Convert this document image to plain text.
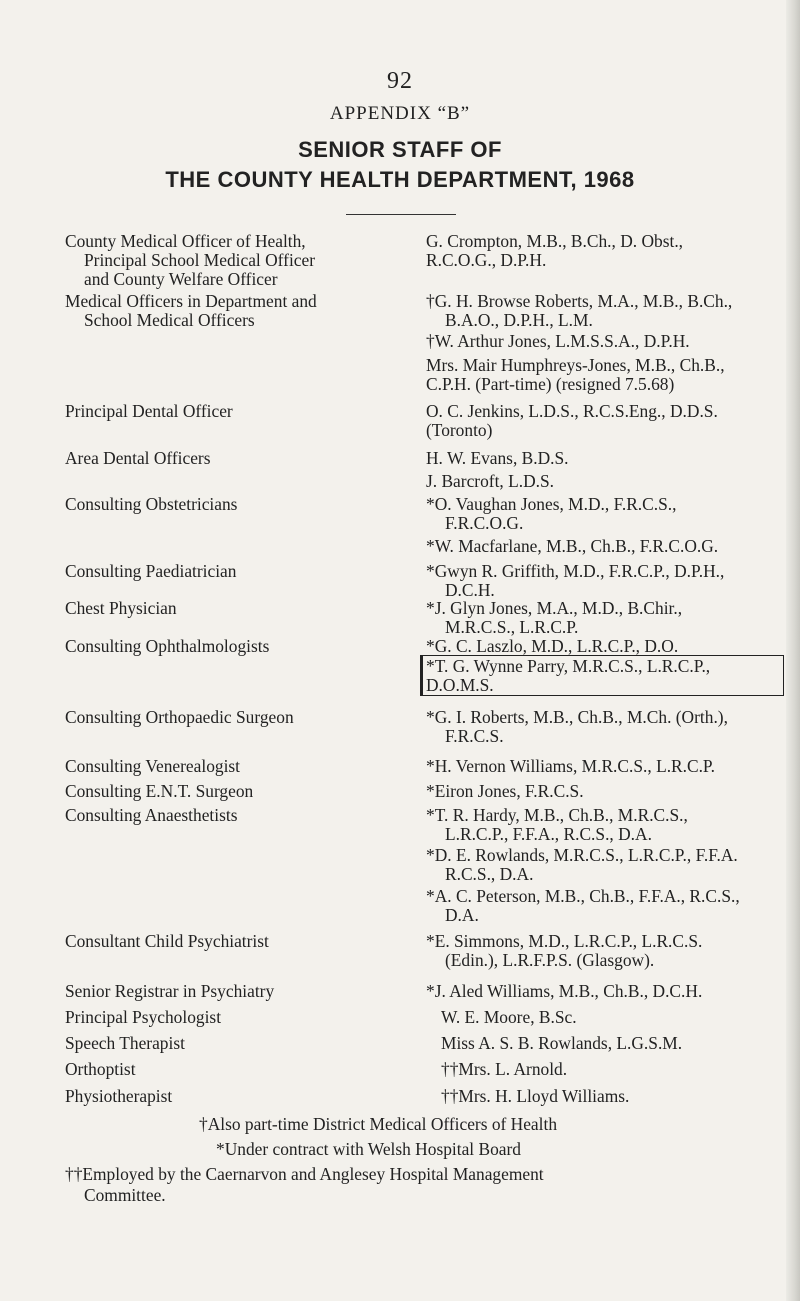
92
APPENDIX “B”
SENIOR STAFF OF
THE COUNTY HEALTH DEPARTMENT, 1968
County Medical Officer of Health,
Principal School Medical Officer
and County Welfare Officer
Medical Officers in Department and
School Medical Officers
Principal Dental Officer
Area Dental Officers
Consulting Obstetricians
Consulting Paediatrician
Chest Physician
Consulting Ophthalmologists
Consulting Orthopaedic Surgeon
Consulting Venerealogist
Consulting E.N.T. Surgeon
Consulting Anaesthetists
Consultant Child Psychiatrist
Senior Registrar in Psychiatry
Principal Psychologist
Speech Therapist
Orthoptist
Physiotherapist
G. Crompton, M.B., B.Ch., D. Obst.,
R.C.O.G., D.P.H.
†G. H. Browse Roberts, M.A., M.B., B.Ch.,
B.A.O., D.P.H., L.M.
†W. Arthur Jones, L.M.S.S.A., D.P.H.
Mrs. Mair Humphreys-Jones, M.B., Ch.B.,
C.P.H. (Part-time) (resigned 7.5.68)
O. C. Jenkins, L.D.S., R.C.S.Eng., D.D.S.
(Toronto)
H. W. Evans, B.D.S.
J. Barcroft, L.D.S.
*O. Vaughan Jones, M.D., F.R.C.S.,
F.R.C.O.G.
*W. Macfarlane, M.B., Ch.B., F.R.C.O.G.
*Gwyn R. Griffith, M.D., F.R.C.P., D.P.H.,
D.C.H.
*J. Glyn Jones, M.A., M.D., B.Chir.,
M.R.C.S., L.R.C.P.
*G. C. Laszlo, M.D., L.R.C.P., D.O.
*T. G. Wynne Parry, M.R.C.S., L.R.C.P.,
D.O.M.S.
*G. I. Roberts, M.B., Ch.B., M.Ch. (Orth.),
F.R.C.S.
*H. Vernon Williams, M.R.C.S., L.R.C.P.
*Eiron Jones, F.R.C.S.
*T. R. Hardy, M.B., Ch.B., M.R.C.S.,
L.R.C.P., F.F.A., R.C.S., D.A.
*D. E. Rowlands, M.R.C.S., L.R.C.P., F.F.A.
R.C.S., D.A.
*A. C. Peterson, M.B., Ch.B., F.F.A., R.C.S.,
D.A.
*E. Simmons, M.D., L.R.C.P., L.R.C.S.
(Edin.), L.R.F.P.S. (Glasgow).
*J. Aled Williams, M.B., Ch.B., D.C.H.
W. E. Moore, B.Sc.
Miss A. S. B. Rowlands, L.G.S.M.
††Mrs. L. Arnold.
††Mrs. H. Lloyd Williams.
†Also part-time District Medical Officers of Health
*Under contract with Welsh Hospital Board
††Employed by the Caernarvon and Anglesey Hospital Management
Committee.
